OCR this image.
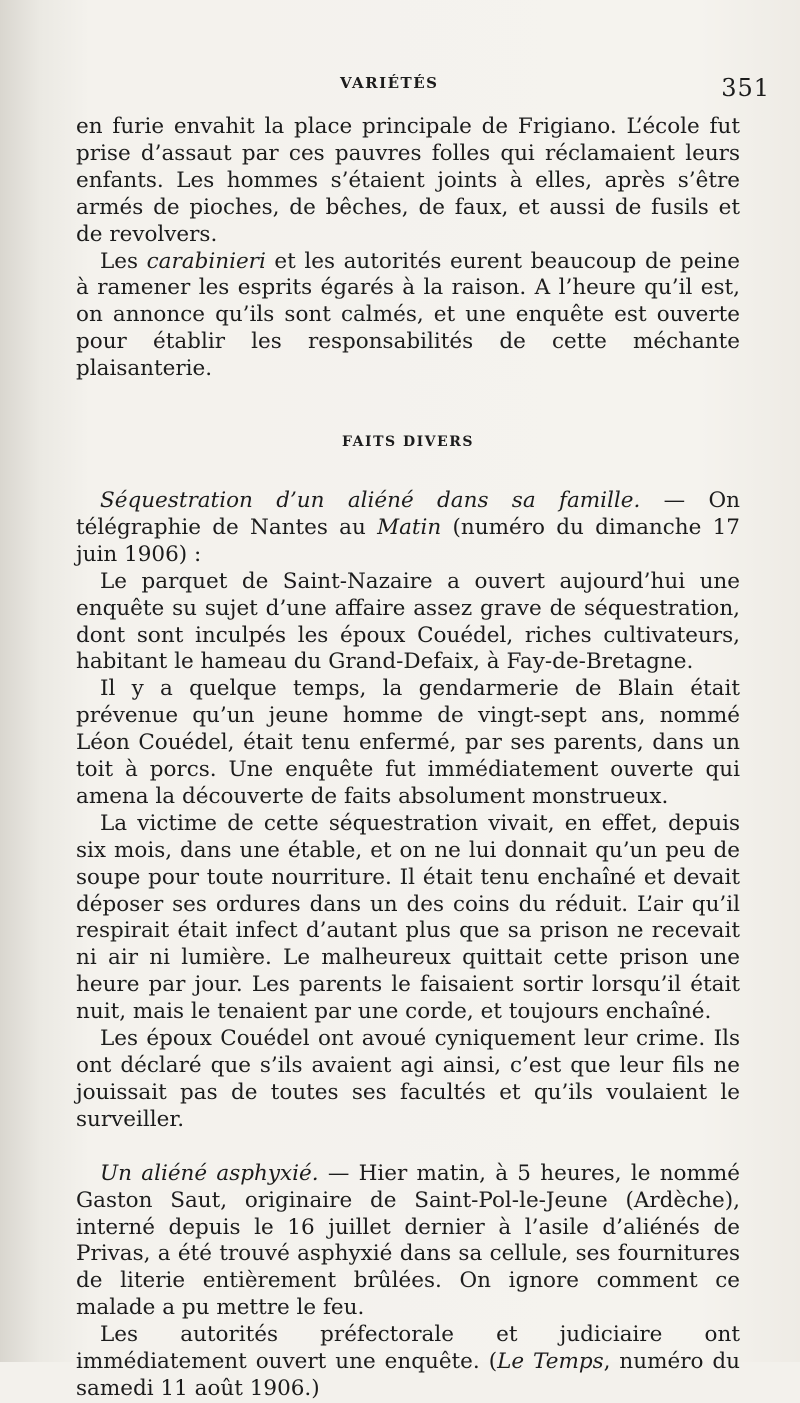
VARIÉTÉS	351

en furie envahit la place principale de Frigiano. L’école fut prise d’assaut par ces pauvres folles qui réclamaient leurs enfants. Les hommes s’étaient joints à elles, après s’être armés de pioches, de bêches, de faux, et aussi de fusils et de revolvers.

Les carabinieri et les autorités eurent beaucoup de peine à ramener les esprits égarés à la raison. A l’heure qu’il est, on annonce qu’ils sont calmés, et une enquête est ouverte pour établir les responsabilités de cette méchante plaisanterie.

FAITS DIVERS

Séquestration d’un aliéné dans sa famille. — On télégraphie de Nantes au Matin (numéro du dimanche 17 juin 1906) :

Le parquet de Saint-Nazaire a ouvert aujourd’hui une enquête su sujet d’une affaire assez grave de séquestration, dont sont inculpés les époux Couédel, riches cultivateurs, habitant le hameau du Grand-Defaix, à Fay-de-Bretagne.

Il y a quelque temps, la gendarmerie de Blain était prévenue qu’un jeune homme de vingt-sept ans, nommé Léon Couédel, était tenu enfermé, par ses parents, dans un toit à porcs. Une enquête fut immédiatement ouverte qui amena la découverte de faits absolument monstrueux.

La victime de cette séquestration vivait, en effet, depuis six mois, dans une étable, et on ne lui donnait qu’un peu de soupe pour toute nourriture. Il était tenu enchaîné et devait déposer ses ordures dans un des coins du réduit. L’air qu’il respirait était infect d’autant plus que sa prison ne recevait ni air ni lumière. Le malheureux quittait cette prison une heure par jour. Les parents le faisaient sortir lorsqu’il était nuit, mais le tenaient par une corde, et toujours enchaîné.

Les époux Couédel ont avoué cyniquement leur crime. Ils ont déclaré que s’ils avaient agi ainsi, c’est que leur fils ne jouissait pas de toutes ses facultés et qu’ils voulaient le surveiller.

Un aliéné asphyxié. — Hier matin, à 5 heures, le nommé Gaston Saut, originaire de Saint-Pol-le-Jeune (Ardèche), interné depuis le 16 juillet dernier à l’asile d’aliénés de Privas, a été trouvé asphyxié dans sa cellule, ses fournitures de literie entièrement brûlées. On ignore comment ce malade a pu mettre le feu.

Les autorités préfectorale et judiciaire ont immédiatement ouvert une enquête. (Le Temps, numéro du samedi 11 août 1906.)
